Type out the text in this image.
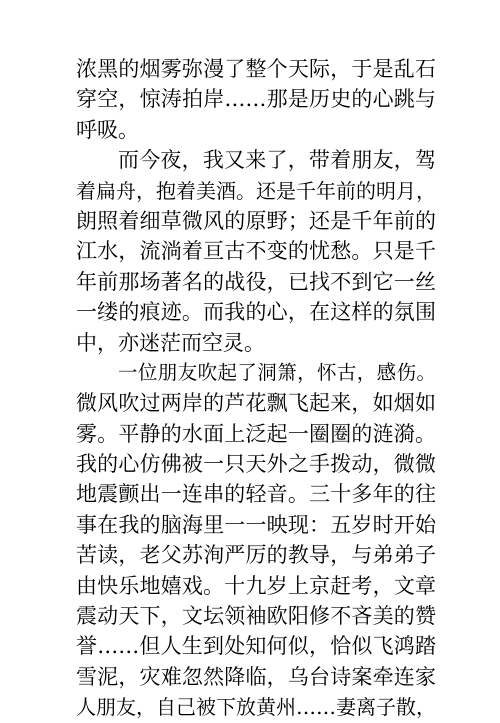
浓黑的烟雾弥漫了整个天际，于是乱石
穿空，惊涛拍岸……那是历史的心跳与
呼吸。
而今夜，我又来了，带着朋友，驾
着扁舟，抱着美酒。还是千年前的明月，
朗照着细草微风的原野；还是千年前的
江水，流淌着亘古不变的忧愁。只是千
年前那场著名的战役，已找不到它一丝
一缕的痕迹。而我的心，在这样的氛围
中，亦迷茫而空灵。
一位朋友吹起了洞箫，怀古，感伤。
微风吹过两岸的芦花飘飞起来，如烟如
雾。平静的水面上泛起一圈圈的涟漪。
我的心仿佛被一只天外之手拨动，微微
地震颤出一连串的轻音。三十多年的往
事在我的脑海里一一映现：五岁时开始
苦读，老父苏洵严厉的教导，与弟弟子
由快乐地嬉戏。十九岁上京赶考，文章
震动天下，文坛领袖欧阳修不吝美的赞
誉……但人生到处知何似，恰似飞鸿踏
雪泥，灾难忽然降临，乌台诗案牵连家
人朋友，自己被下放黄州……妻离子散，
